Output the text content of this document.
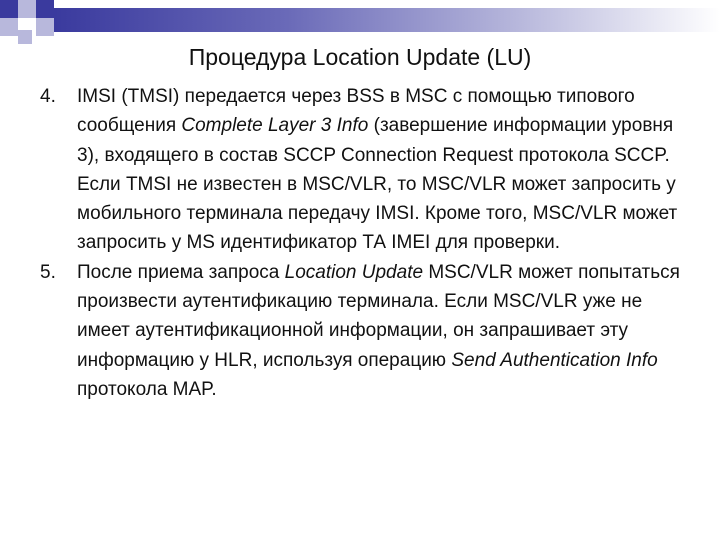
Процедура Location Update (LU)
4. IMSI (TMSI) передается через BSS в MSC с помощью типового сообщения Complete Layer 3 Info (завершение информации уровня 3), входящего в состав SCCP Connection Request протокола SCCP. Если TMSI не известен в MSC/VLR, то MSC/VLR может запросить у мобильного терминала передачу IMSI. Кроме того, MSC/VLR может запросить у MS идентификатор ТА IMEI для проверки.
5. После приема запроса Location Update MSC/VLR может попытаться произвести аутентификацию терминала. Если MSC/VLR уже не имеет аутентификационной информации, он запрашивает эту информацию у HLR, используя операцию Send Authentication Info протокола MAP.
